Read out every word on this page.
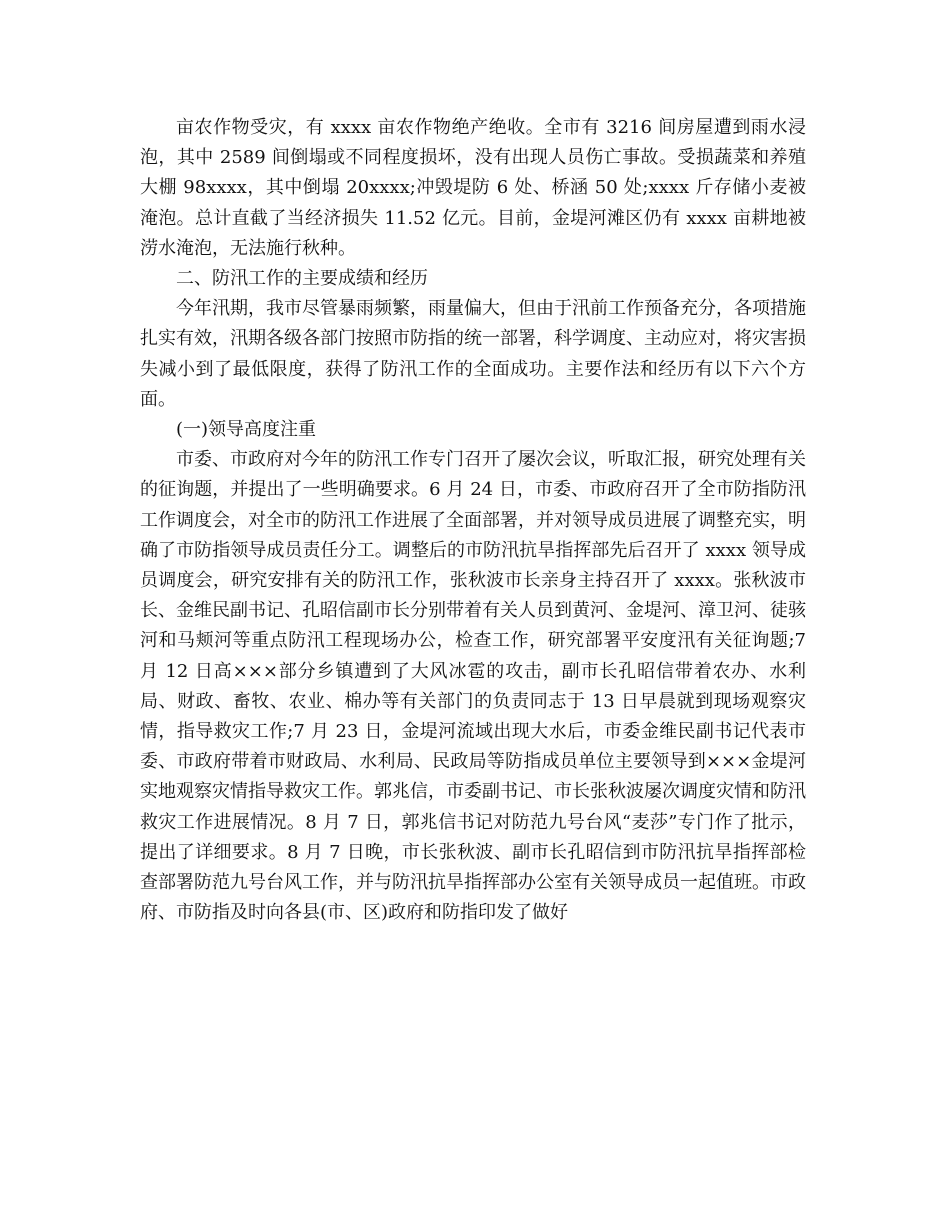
亩农作物受灾，有 xxxx 亩农作物绝产绝收。全市有 3216 间房屋遭到雨水浸泡，其中 2589 间倒塌或不同程度损坏，没有出现人员伤亡事故。受损蔬菜和养殖大棚 98xxxx，其中倒塌 20xxxx;冲毁堤防 6 处、桥涵 50 处;xxxx 斤存储小麦被淹泡。总计直截了当经济损失 11.52 亿元。目前，金堤河滩区仍有 xxxx 亩耕地被涝水淹泡，无法施行秋种。

二、防汛工作的主要成绩和经历

今年汛期，我市尽管暴雨频繁，雨量偏大，但由于汛前工作预备充分，各项措施扎实有效，汛期各级各部门按照市防指的统一部署，科学调度、主动应对，将灾害损失减小到了最低限度，获得了防汛工作的全面成功。主要作法和经历有以下六个方面。

(一)领导高度注重

市委、市政府对今年的防汛工作专门召开了屡次会议，听取汇报，研究处理有关的征询题，并提出了一些明确要求。6 月 24 日，市委、市政府召开了全市防指防汛工作调度会，对全市的防汛工作进展了全面部署，并对领导成员进展了调整充实，明确了市防指领导成员责任分工。调整后的市防汛抗旱指挥部先后召开了 xxxx 领导成员调度会，研究安排有关的防汛工作，张秋波市长亲身主持召开了 xxxx。张秋波市长、金维民副书记、孔昭信副市长分别带着有关人员到黄河、金堤河、漳卫河、徒骇河和马颊河等重点防汛工程现场办公，检查工作，研究部署平安度汛有关征询题;7 月 12 日高×××部分乡镇遭到了大风冰雹的攻击，副市长孔昭信带着农办、水利局、财政、畜牧、农业、棉办等有关部门的负责同志于 13 日早晨就到现场观察灾情，指导救灾工作;7 月 23 日，金堤河流域出现大水后，市委金维民副书记代表市委、市政府带着市财政局、水利局、民政局等防指成员单位主要领导到×××金堤河实地观察灾情指导救灾工作。郭兆信，市委副书记、市长张秋波屡次调度灾情和防汛救灾工作进展情况。8 月 7 日，郭兆信书记对防范九号台风“麦莎”专门作了批示，提出了详细要求。8 月 7 日晚，市长张秋波、副市长孔昭信到市防汛抗旱指挥部检查部署防范九号台风工作，并与防汛抗旱指挥部办公室有关领导成员一起值班。市政府、市防指及时向各县(市、区)政府和防指印发了做好
